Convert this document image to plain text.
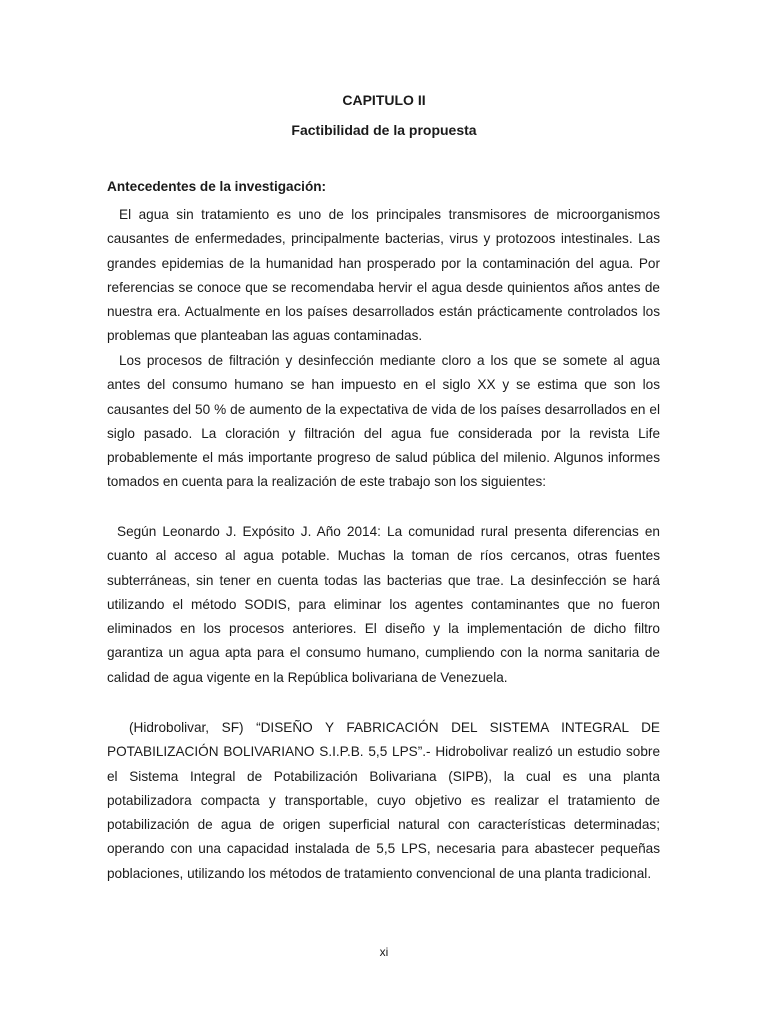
CAPITULO II
Factibilidad de la propuesta
Antecedentes de la investigación:

El agua sin tratamiento es uno de los principales transmisores de microorganismos causantes de enfermedades, principalmente bacterias, virus y protozoos intestinales. Las grandes epidemias de la humanidad han prosperado por la contaminación del agua. Por referencias se conoce que se recomendaba hervir el agua desde quinientos años antes de nuestra era. Actualmente en los países desarrollados están prácticamente controlados los problemas que planteaban las aguas contaminadas.

Los procesos de filtración y desinfección mediante cloro a los que se somete al agua antes del consumo humano se han impuesto en el siglo XX y se estima que son los causantes del 50 % de aumento de la expectativa de vida de los países desarrollados en el siglo pasado. La cloración y filtración del agua fue considerada por la revista Life probablemente el más importante progreso de salud pública del milenio. Algunos informes tomados en cuenta para la realización de este trabajo son los siguientes:

Según Leonardo J. Expósito J. Año 2014: La comunidad rural presenta diferencias en cuanto al acceso al agua potable. Muchas la toman de ríos cercanos, otras fuentes subterráneas, sin tener en cuenta todas las bacterias que trae. La desinfección se hará utilizando el método SODIS, para eliminar los agentes contaminantes que no fueron eliminados en los procesos anteriores. El diseño y la implementación de dicho filtro garantiza un agua apta para el consumo humano, cumpliendo con la norma sanitaria de calidad de agua vigente en la República bolivariana de Venezuela.

(Hidrobolivar, SF) “DISEÑO Y FABRICACIÓN DEL SISTEMA INTEGRAL DE POTABILIZACIÓN BOLIVARIANO S.I.P.B. 5,5 LPS”.- Hidrobolivar realizó un estudio sobre el Sistema Integral de Potabilización Bolivariana (SIPB), la cual es una planta potabilizadora compacta y transportable, cuyo objetivo es realizar el tratamiento de potabilización de agua de origen superficial natural con características determinadas; operando con una capacidad instalada de 5,5 LPS, necesaria para abastecer pequeñas poblaciones, utilizando los métodos de tratamiento convencional de una planta tradicional.

xi
